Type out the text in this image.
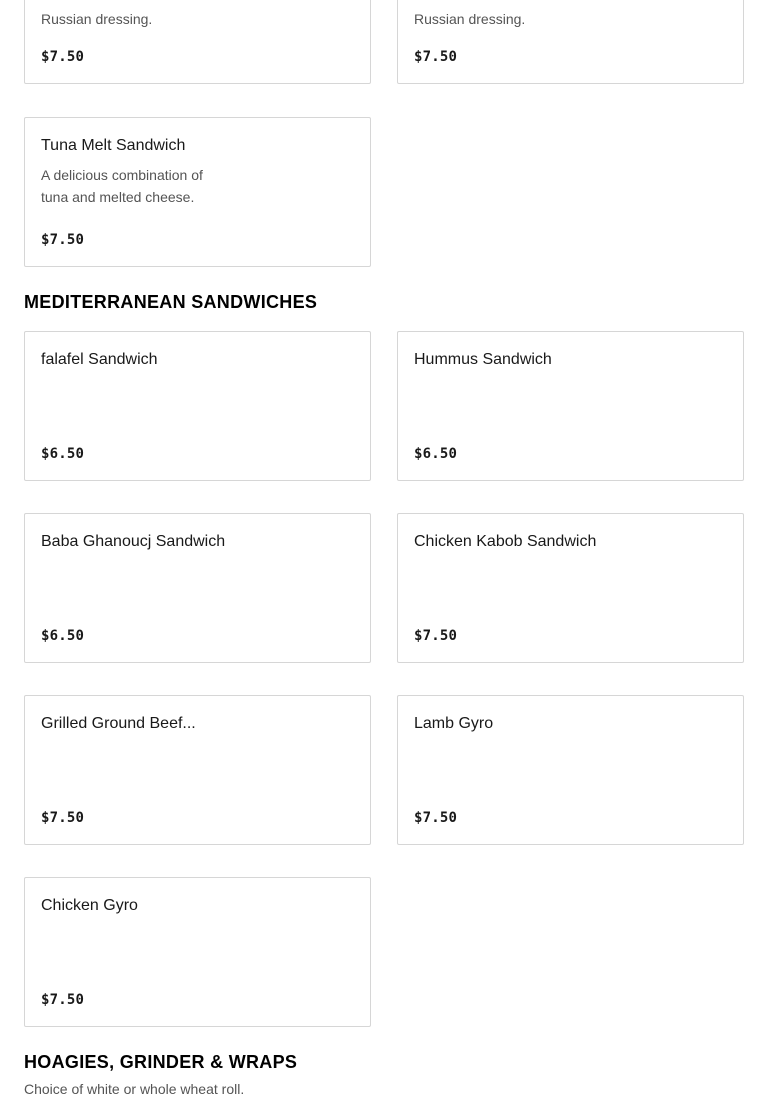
Russian dressing.
$7.50
Russian dressing.
$7.50
Tuna Melt Sandwich
A delicious combination of tuna and melted cheese.
$7.50
MEDITERRANEAN SANDWICHES
falafel Sandwich
$6.50
Hummus Sandwich
$6.50
Baba Ghanoucj Sandwich
$6.50
Chicken Kabob Sandwich
$7.50
Grilled Ground Beef...
$7.50
Lamb Gyro
$7.50
Chicken Gyro
$7.50
HOAGIES, GRINDER & WRAPS

Choice of white or whole wheat roll.
